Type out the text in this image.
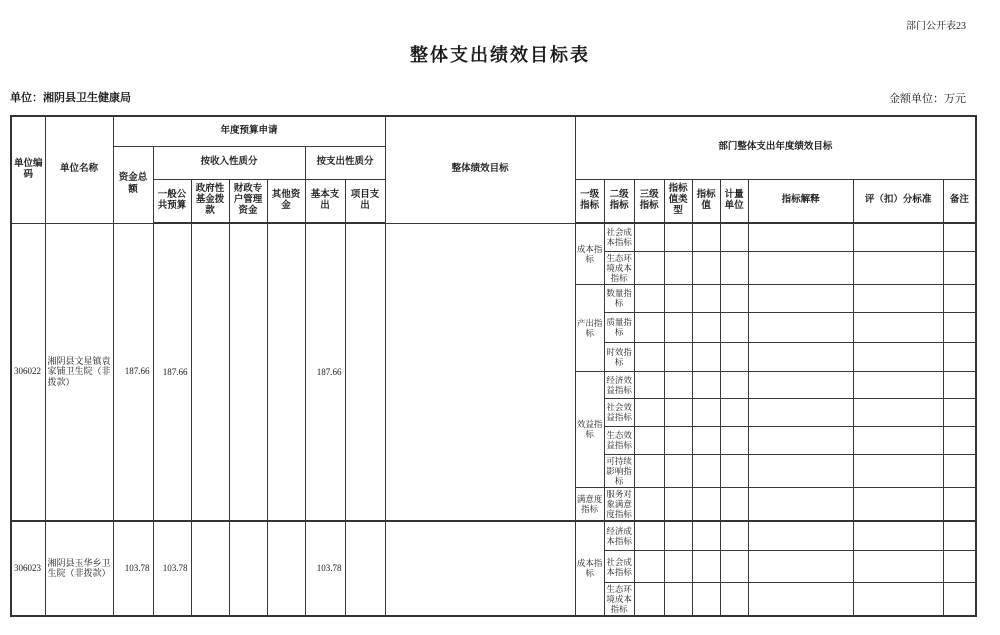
部门公开表23
整体支出绩效目标表
单位：湘阴县卫生健康局	金额单位：万元
单位编码	单位名称	年度预算申请							整体绩效目标	部门整体支出年度绩效目标								
		资金总额	按收入性质分				按支出性质分											
			一般公共预算	政府性基金拨款	财政专户管理资金	其他资金	基本支出	项目支出		一级指标	二级指标	三级指标	指标值类型	指标值	计量单位	指标解释	评（扣）分标准	备注
306022	湘阴县文星镇袁家铺卫生院（非拨款）	187.66	187.66				187.66			成本指标	社会成本指标							
											生态环境成本指标							
										产出指标	数量指标							
											质量指标							
											时效指标							
										效益指标	经济效益指标							
											社会效益指标							
											生态效益指标							
											可持续影响指标							
										满意度指标	服务对象满意度指标							
306023	湘阴县玉华乡卫生院（非拨款）	103.78	103.78				103.78			成本指标	经济成本指标							
											社会成本指标							
											生态环境成本指标							
